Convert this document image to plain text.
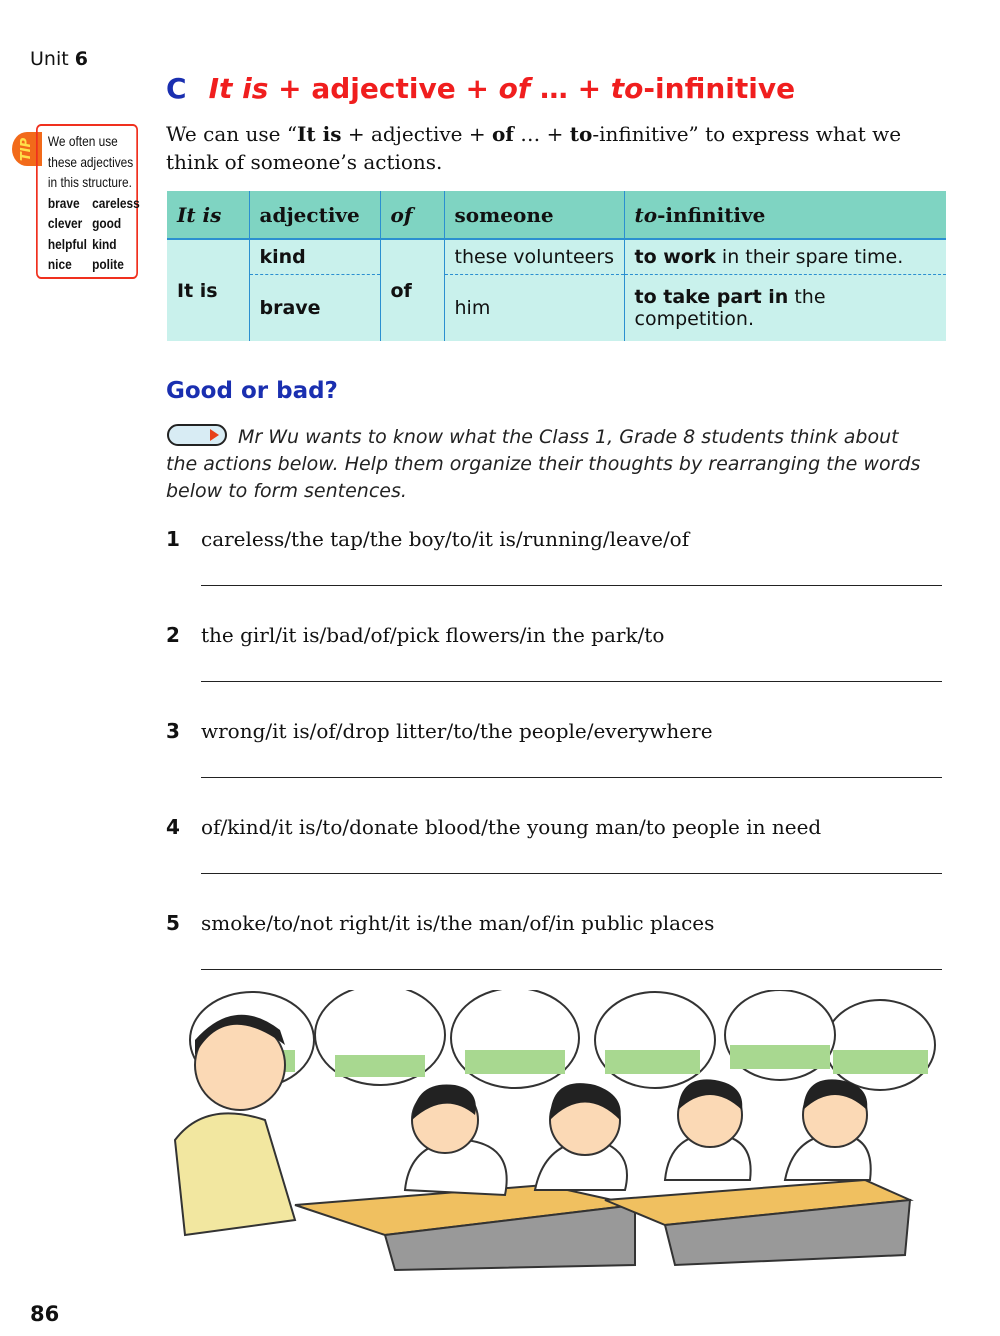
Unit 6
C It is + adjective + of … + to-infinitive
TIP We often use
these adjectives
in this structure.
brave careless
clever good
helpful kind
nice	polite

We can use “It is + adjective + of … + to-infinitive” to express what we think of someone’s actions.

It is	adjective	of	someone	to-infinitive
It is	kind	of	these volunteers	to work in their spare time.
	brave		him	to take part in the competition.
Good or bad?

Mr Wu wants to know what the Class 1, Grade 8 students think about the actions below. Help them organize their thoughts by rearranging the words below to form sentences.

1 careless/the tap/the boy/to/it is/running/leave/of
2 the girl/it is/bad/of/pick flowers/in the park/to
3 wrong/it is/of/drop litter/to/the people/everywhere
4 of/kind/it is/to/donate blood/the young man/to people in need
5 smoke/to/not right/it is/the man/of/in public places
86
